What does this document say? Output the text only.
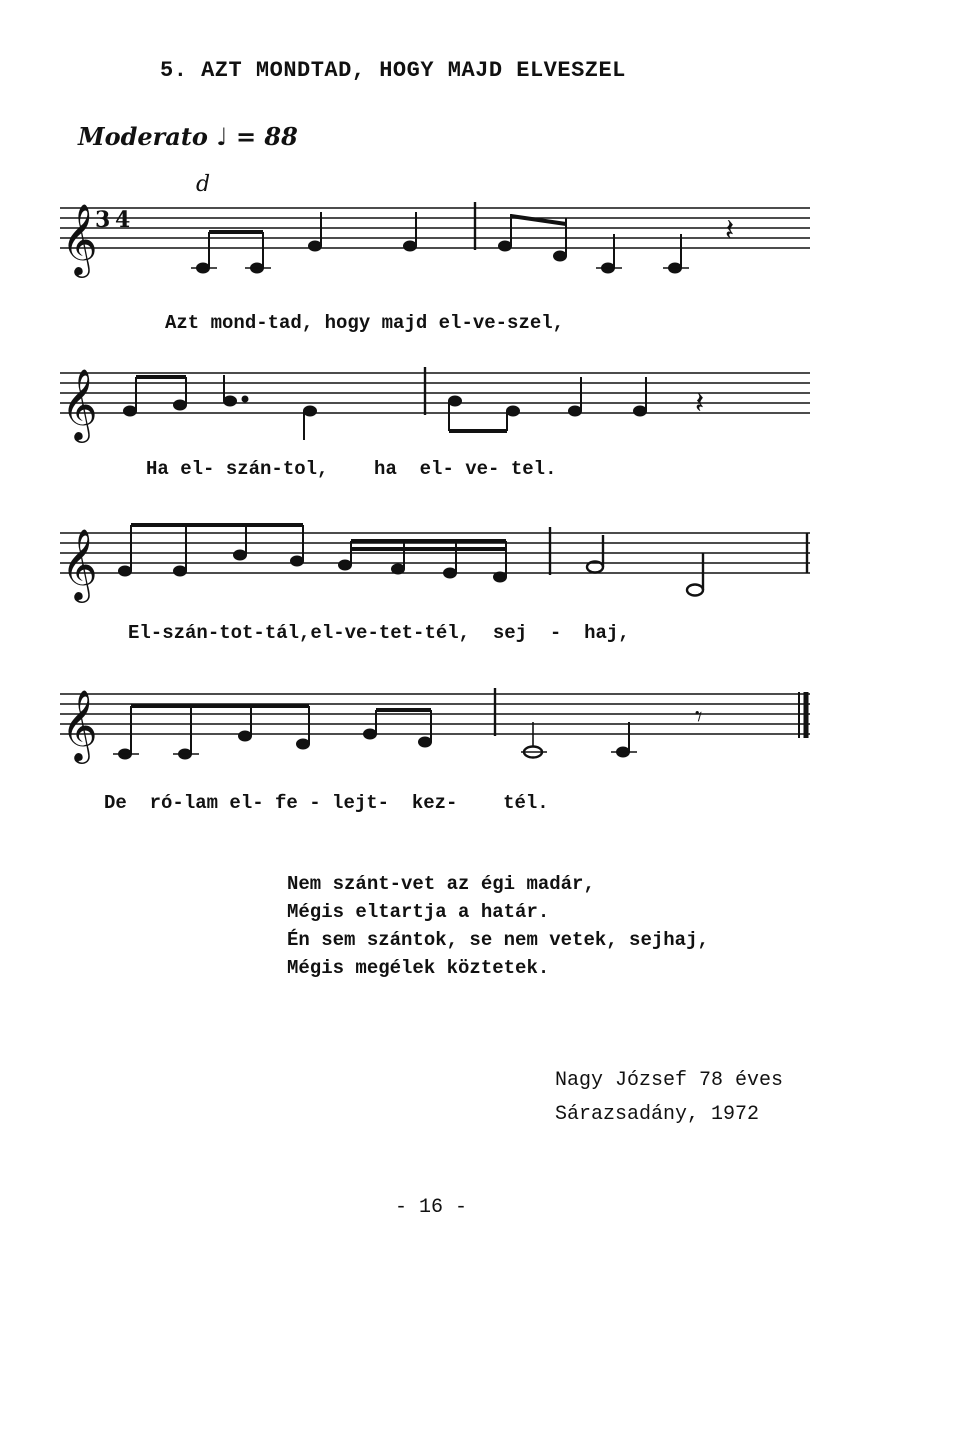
5. AZT MONDTAD, HOGY MAJD ELVESZEL
Moderato ♩ = 88
d
𝄞
3 4	𝄽
Azt mond-tad, hogy majd el-ve-szel,
𝄞	𝄽
Ha el- szán-tol,    ha  el- ve- tel.
𝄞
El-szán-tot-tál,el-ve-tet-tél,  sej  -  haj,
𝄞	𝄾
De  ró-lam el- fe - lejt-  kez-    tél.
Nem szánt-vet az égi madár,
Mégis eltartja a határ.
Én sem szántok, se nem vetek, sejhaj,
Mégis megélek köztetek.
Nagy József 78 éves
Sárazsadány, 1972
- 16 -
